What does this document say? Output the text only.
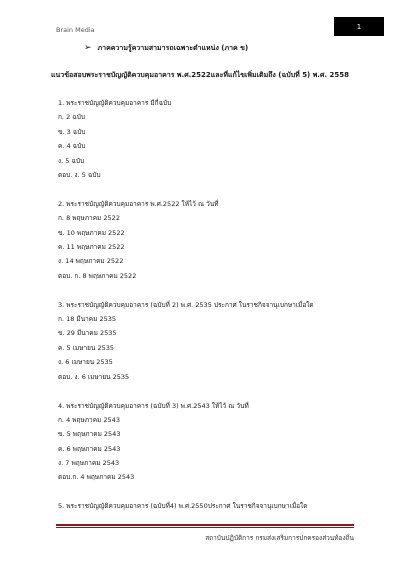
Brain Media	1
➢ ภาคความรู้ความสามารถเฉพาะตำแหน่ง (ภาค ข)
แนวข้อสอบพระราชบัญญัติควบคุมอาคาร พ.ศ.2522และที่แก้ไขเพิ่มเติมถึง (ฉบับที่ 5) พ.ศ. 2558
1. พระราชบัญญัติควบคุมอาคาร มีกี่ฉบับ
ก. 2 ฉบับ
ข. 3 ฉบับ
ค. 4 ฉบับ
ง. 5 ฉบับ
ตอบ. ง. 5 ฉบับ
2. พระราชบัญญัติควบคุมอาคาร พ.ศ.2522 ให้ไว้ ณ วันที่
ก. 8 พฤษภาคม 2522
ข. 10 พฤษภาคม 2522
ค. 11 พฤษภาคม 2522
ง. 14 พฤษภาคม 2522
ตอบ. ก. 8 พฤษภาคม 2522
3. พระราชบัญญัติควบคุมอาคาร (ฉบับที่ 2) พ.ศ. 2535 ประกาศ ในราชกิจจานุเบกษาเมื่อใด
ก. 18 มีนาคม 2535
ข. 29 มีนาคม 2535
ค. 5 เมษายน 2535
ง. 6 เมษายน 2535
ตอบ. ง. 6 เมษายน 2535
4. พระราชบัญญัติควบคุมอาคาร (ฉบับที่ 3) พ.ศ.2543 ให้ไว้ ณ วันที่
ก. 4 พฤษภาคม 2543
ข. 5 พฤษภาคม 2543
ค. 6 พฤษภาคม 2543
ง. 7 พฤษภาคม 2543
ตอบ.ก. 4 พฤษภาคม 2543
5. พระราชบัญญัติควบคุมอาคาร (ฉบับที่4) พ.ศ.2550ประกาศ ในราชกิจจานุเบกษาเมื่อใด
สถาบันปฏิบัติการ กรมส่งเสริมการปกครองส่วนท้องถิ่น
